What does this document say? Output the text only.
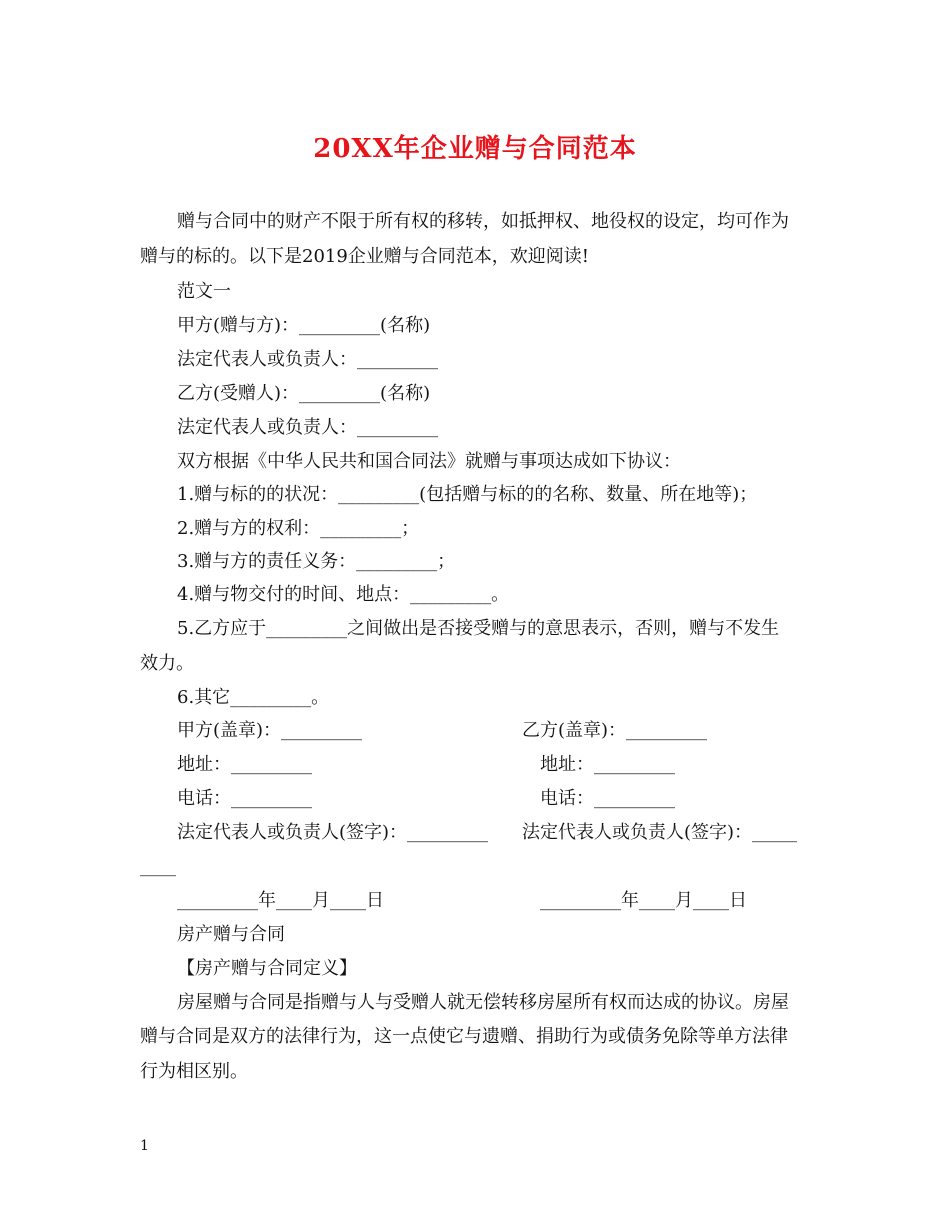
20XX年企业赠与合同范本
赠与合同中的财产不限于所有权的移转，如抵押权、地役权的设定，均可作为
赠与的标的。以下是2019企业赠与合同范本，欢迎阅读!
范文一
甲方(赠与方)：_________(名称)
法定代表人或负责人：_________
乙方(受赠人)：_________(名称)
法定代表人或负责人：_________
双方根据《中华人民共和国合同法》就赠与事项达成如下协议：
1.赠与标的的状况：_________(包括赠与标的的名称、数量、所在地等)；
2.赠与方的权利：_________；
3.赠与方的责任义务：_________；
4.赠与物交付的时间、地点：_________。
5.乙方应于_________之间做出是否接受赠与的意思表示，否则，赠与不发生
效力。
6.其它_________。
甲方(盖章)：_________	乙方(盖章)：_________
地址：_________	地址：_________
电话：_________	电话：_________
法定代表人或负责人(签字)：_________ 法定代表人或负责人(签字)：_____
____
_________年____月____日	_________年____月____日
房产赠与合同
【房产赠与合同定义】
房屋赠与合同是指赠与人与受赠人就无偿转移房屋所有权而达成的协议。房屋
赠与合同是双方的法律行为，这一点使它与遗赠、捐助行为或债务免除等单方法律
行为相区别。
1
